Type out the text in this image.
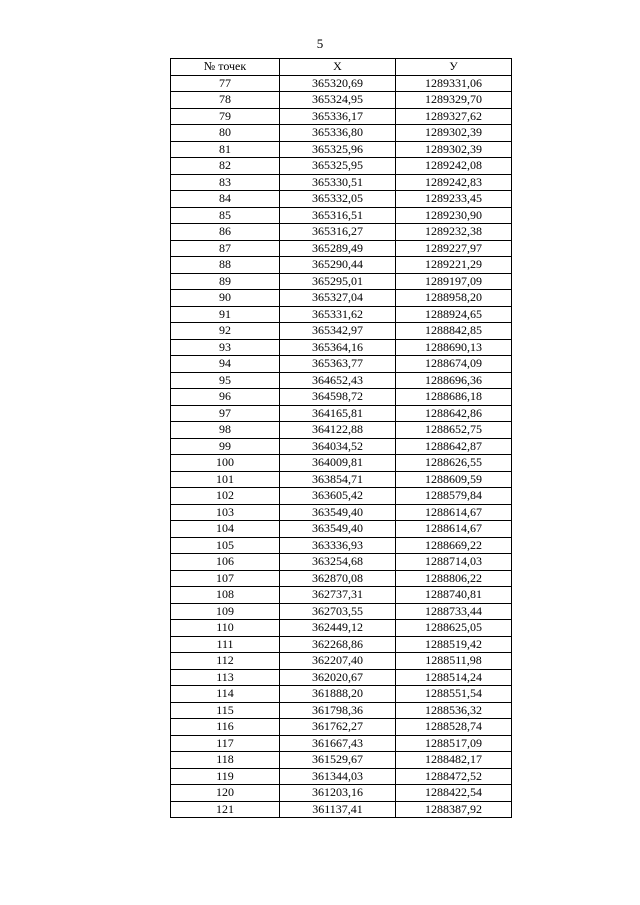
5
№ точек	Х	У
77	365320,69	1289331,06
78	365324,95	1289329,70
79	365336,17	1289327,62
80	365336,80	1289302,39
81	365325,96	1289302,39
82	365325,95	1289242,08
83	365330,51	1289242,83
84	365332,05	1289233,45
85	365316,51	1289230,90
86	365316,27	1289232,38
87	365289,49	1289227,97
88	365290,44	1289221,29
89	365295,01	1289197,09
90	365327,04	1288958,20
91	365331,62	1288924,65
92	365342,97	1288842,85
93	365364,16	1288690,13
94	365363,77	1288674,09
95	364652,43	1288696,36
96	364598,72	1288686,18
97	364165,81	1288642,86
98	364122,88	1288652,75
99	364034,52	1288642,87
100	364009,81	1288626,55
101	363854,71	1288609,59
102	363605,42	1288579,84
103	363549,40	1288614,67
104	363549,40	1288614,67
105	363336,93	1288669,22
106	363254,68	1288714,03
107	362870,08	1288806,22
108	362737,31	1288740,81
109	362703,55	1288733,44
110	362449,12	1288625,05
111	362268,86	1288519,42
112	362207,40	1288511,98
113	362020,67	1288514,24
114	361888,20	1288551,54
115	361798,36	1288536,32
116	361762,27	1288528,74
117	361667,43	1288517,09
118	361529,67	1288482,17
119	361344,03	1288472,52
120	361203,16	1288422,54
121	361137,41	1288387,92
